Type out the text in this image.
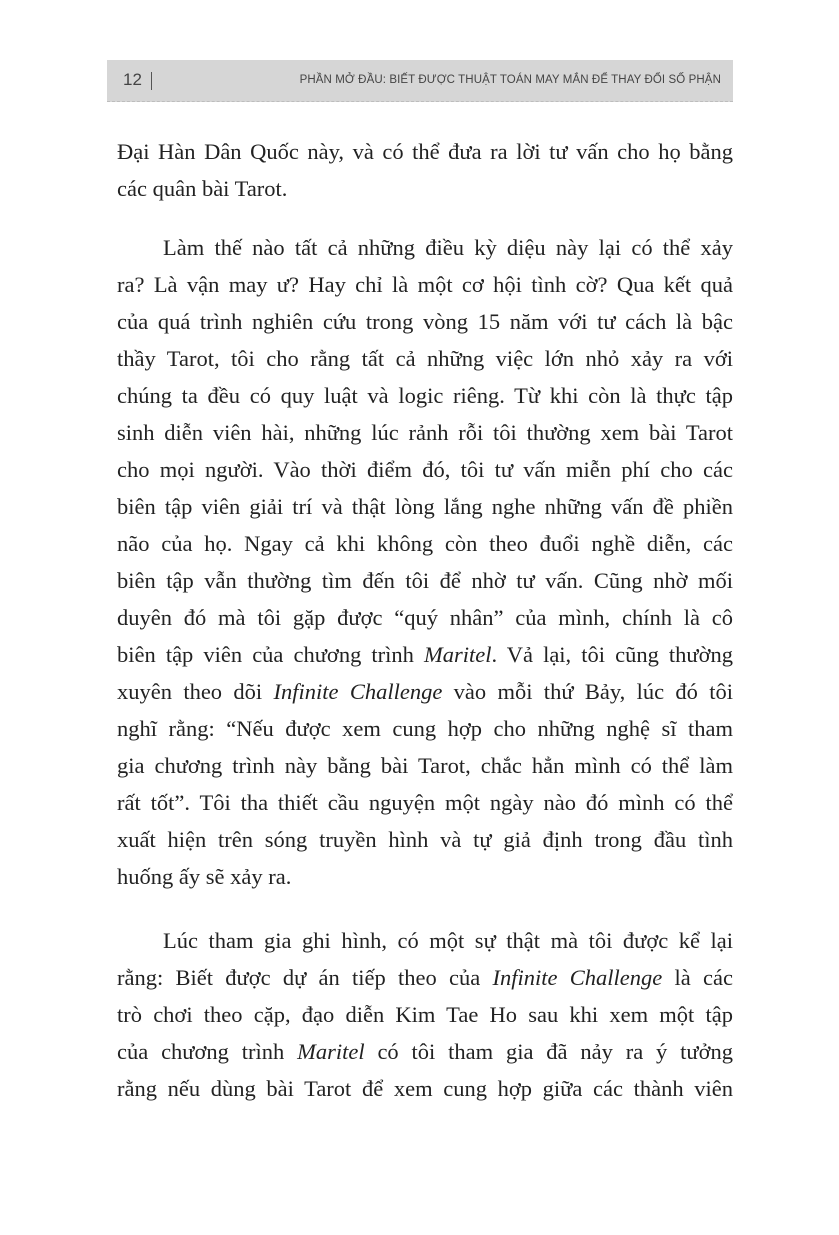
12	PHẦN MỞ ĐẦU: BIẾT ĐƯỢC THUẬT TOÁN MAY MẮN ĐỂ THAY ĐỔI SỐ PHẬN
Đại Hàn Dân Quốc này, và có thể đưa ra lời tư vấn cho họ bằng
các quân bài Tarot.
Làm thế nào tất cả những điều kỳ diệu này lại có thể xảy
ra? Là vận may ư? Hay chỉ là một cơ hội tình cờ? Qua kết quả
của quá trình nghiên cứu trong vòng 15 năm với tư cách là bậc
thầy Tarot, tôi cho rằng tất cả những việc lớn nhỏ xảy ra với
chúng ta đều có quy luật và logic riêng. Từ khi còn là thực tập
sinh diễn viên hài, những lúc rảnh rỗi tôi thường xem bài Tarot
cho mọi người. Vào thời điểm đó, tôi tư vấn miễn phí cho các
biên tập viên giải trí và thật lòng lắng nghe những vấn đề phiền
não của họ. Ngay cả khi không còn theo đuổi nghề diễn, các
biên tập vẫn thường tìm đến tôi để nhờ tư vấn. Cũng nhờ mối
duyên đó mà tôi gặp được “quý nhân” của mình, chính là cô
biên tập viên của chương trình Maritel. Vả lại, tôi cũng thường
xuyên theo dõi Infinite Challenge vào mỗi thứ Bảy, lúc đó tôi
nghĩ rằng: “Nếu được xem cung hợp cho những nghệ sĩ tham
gia chương trình này bằng bài Tarot, chắc hẳn mình có thể làm
rất tốt”. Tôi tha thiết cầu nguyện một ngày nào đó mình có thể
xuất hiện trên sóng truyền hình và tự giả định trong đầu tình
huống ấy sẽ xảy ra.
Lúc tham gia ghi hình, có một sự thật mà tôi được kể lại
rằng: Biết được dự án tiếp theo của Infinite Challenge là các
trò chơi theo cặp, đạo diễn Kim Tae Ho sau khi xem một tập
của chương trình Maritel có tôi tham gia đã nảy ra ý tưởng
rằng nếu dùng bài Tarot để xem cung hợp giữa các thành viên
